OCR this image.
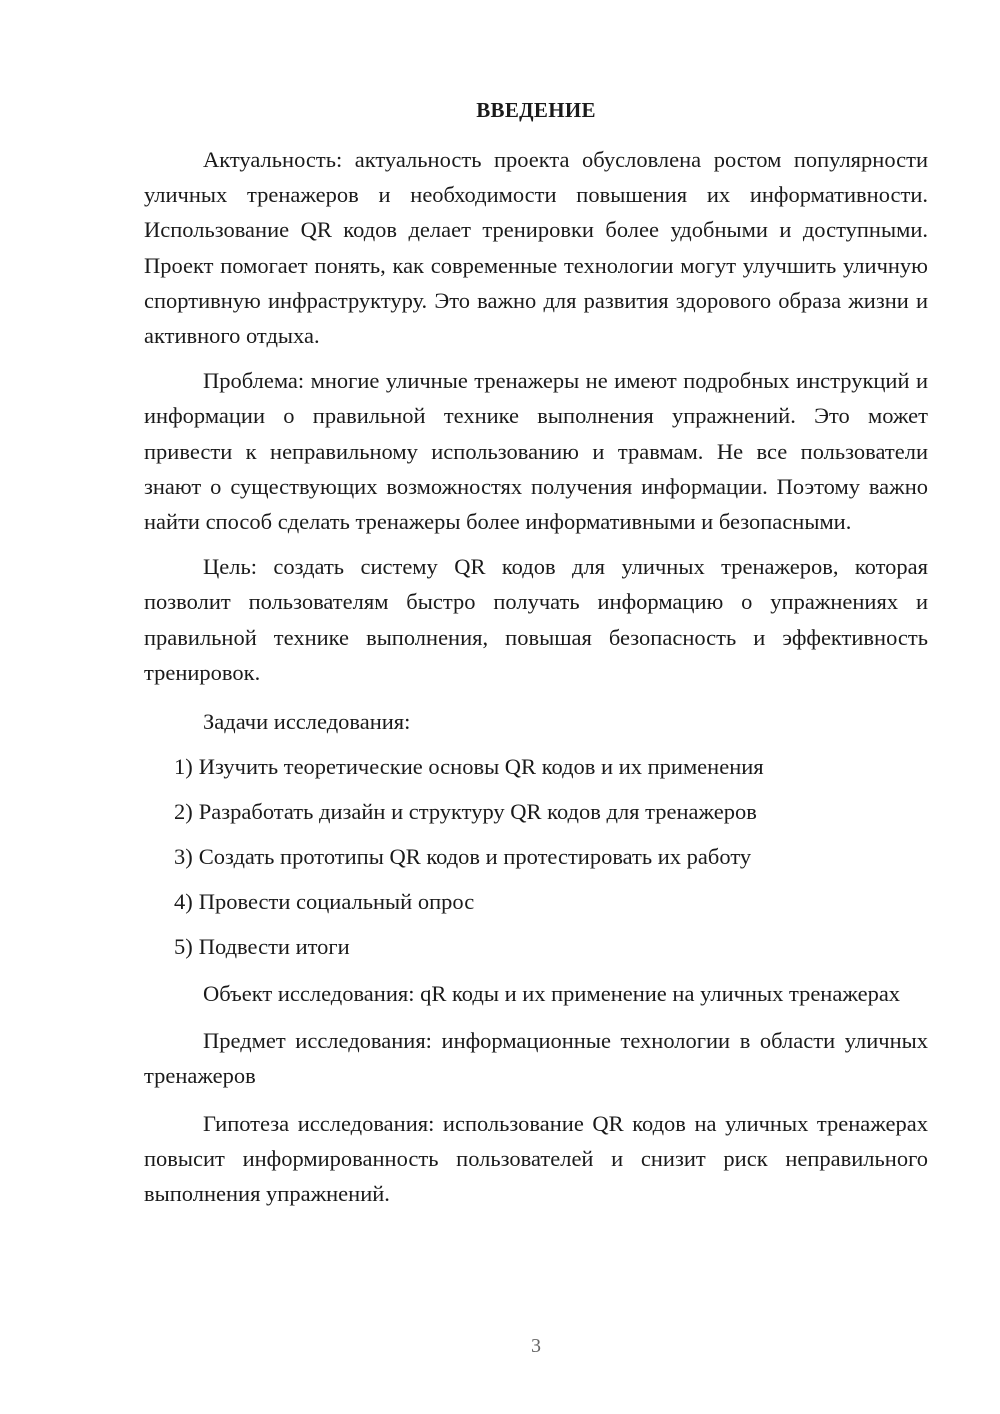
ВВЕДЕНИЕ

Актуальность: актуальность проекта обусловлена ростом популярности уличных тренажеров и необходимости повышения их информативности. Использование QR кодов делает тренировки более удобными и доступными. Проект помогает понять, как современные технологии могут улучшить уличную спортивную инфраструктуру. Это важно для развития здорового образа жизни и активного отдыха.

Проблема: многие уличные тренажеры не имеют подробных инструкций и информации о правильной технике выполнения упражнений. Это может привести к неправильному использованию и травмам. Не все пользователи знают о существующих возможностях получения информации. Поэтому важно найти способ сделать тренажеры более информативными и безопасными.

Цель: создать систему QR кодов для уличных тренажеров, которая позволит пользователям быстро получать информацию о упражнениях и правильной технике выполнения, повышая безопасность и эффективность тренировок.

Задачи исследования:

1) Изучить теоретические основы QR кодов и их применения
2) Разработать дизайн и структуру QR кодов для тренажеров
3) Создать прототипы QR кодов и протестировать их работу
4) Провести социальный опрос
5) Подвести итоги

Объект исследования: qR коды и их применение на уличных тренажерах

Предмет исследования: информационные технологии в области уличных тренажеров

Гипотеза исследования: использование QR кодов на уличных тренажерах повысит информированность пользователей и снизит риск неправильного выполнения упражнений.

3
